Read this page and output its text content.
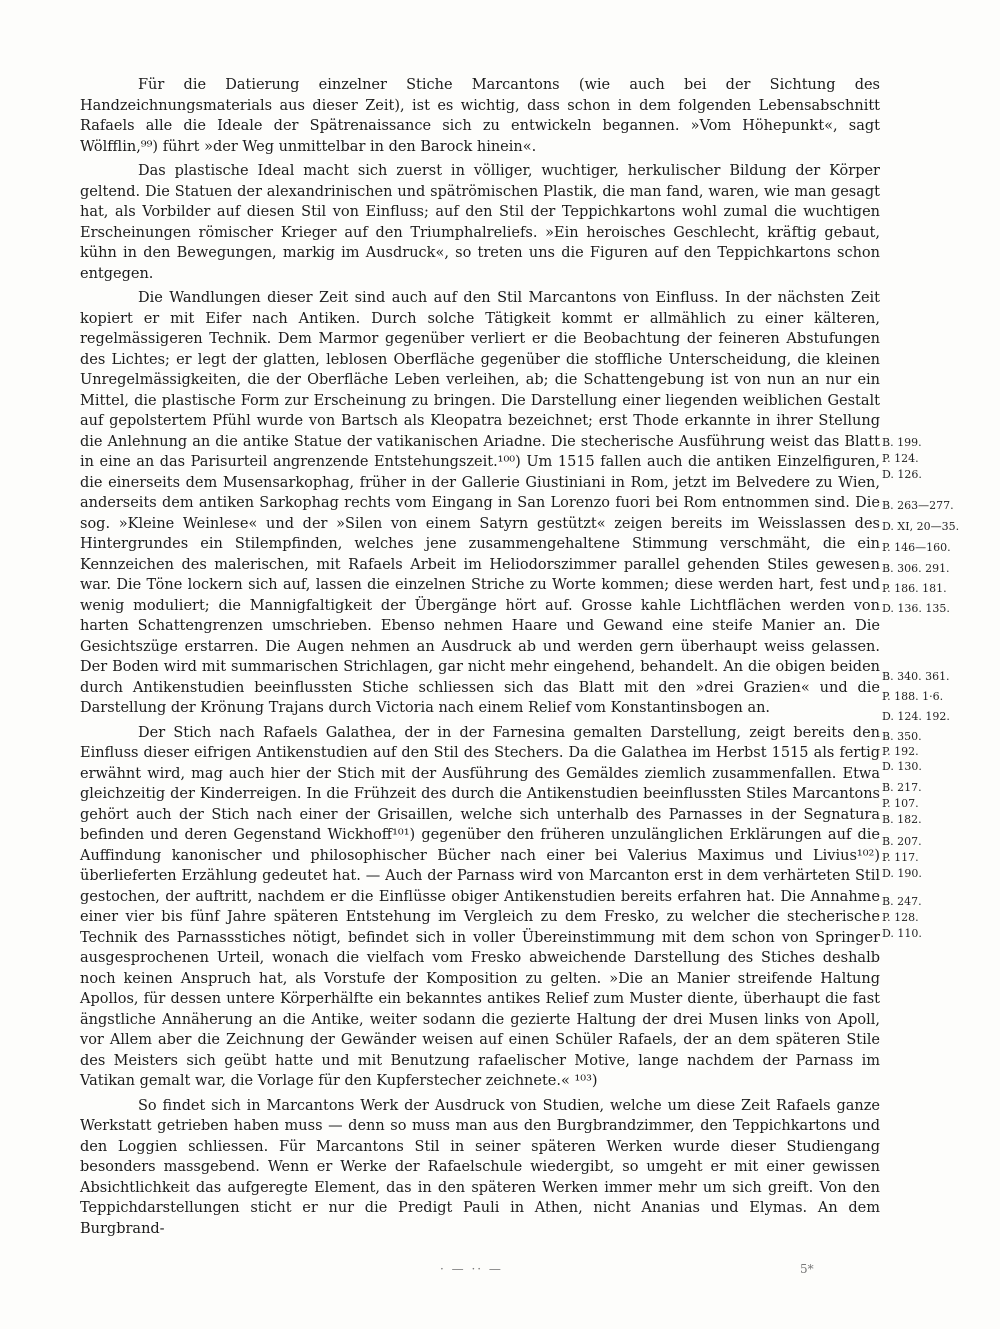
Für die Datierung einzelner Stiche Marcantons (wie auch bei der Sichtung des Handzeichnungsmaterials aus dieser Zeit), ist es wichtig, dass schon in dem folgenden Lebensabschnitt Rafaels alle die Ideale der Spätrenaissance sich zu entwickeln begannen. »Vom Höhepunkt«, sagt Wölfflin,⁹⁹) führt »der Weg unmittelbar in den Barock hinein«.

Das plastische Ideal macht sich zuerst in völliger, wuchtiger, herkulischer Bildung der Körper geltend. Die Statuen der alexandrinischen und spätrömischen Plastik, die man fand, waren, wie man gesagt hat, als Vorbilder auf diesen Stil von Einfluss; auf den Stil der Teppichkartons wohl zumal die wuchtigen Erscheinungen römischer Krieger auf den Triumphalreliefs. »Ein heroisches Geschlecht, kräftig gebaut, kühn in den Bewegungen, markig im Ausdruck«, so treten uns die Figuren auf den Teppichkartons schon entgegen.

Die Wandlungen dieser Zeit sind auch auf den Stil Marcantons von Einfluss. In der nächsten Zeit kopiert er mit Eifer nach Antiken. Durch solche Tätigkeit kommt er allmählich zu einer kälteren, regelmässigeren Technik. Dem Marmor gegenüber verliert er die Beobachtung der feineren Abstufungen des Lichtes; er legt der glatten, leblosen Oberfläche gegenüber die stoffliche Unterscheidung, die kleinen Unregelmässigkeiten, die der Oberfläche Leben verleihen, ab; die Schattengebung ist von nun an nur ein Mittel, die plastische Form zur Erscheinung zu bringen. Die Darstellung einer liegenden weiblichen Gestalt auf gepolstertem Pfühl wurde von Bartsch als Kleopatra bezeichnet; erst Thode erkannte in ihrer Stellung die Anlehnung an die antike Statue der vatikanischen Ariadne. Die stecherische Ausführung weist das Blatt in eine an das Parisurteil angrenzende Entstehungszeit.¹⁰⁰) Um 1515 fallen auch die antiken Einzelfiguren, die einerseits dem Musensarkophag, früher in der Gallerie Giustiniani in Rom, jetzt im Belvedere zu Wien, anderseits dem antiken Sarkophag rechts vom Eingang in San Lorenzo fuori bei Rom entnommen sind. Die sog. »Kleine Weinlese« und der »Silen von einem Satyrn gestützt« zeigen bereits im Weisslassen des Hintergrundes ein Stilempfinden, welches jene zusammengehaltene Stimmung verschmäht, die ein Kennzeichen des malerischen, mit Rafaels Arbeit im Heliodorszimmer parallel gehenden Stiles gewesen war. Die Töne lockern sich auf, lassen die einzelnen Striche zu Worte kommen; diese werden hart, fest und wenig moduliert; die Mannigfaltigkeit der Übergänge hört auf. Grosse kahle Lichtflächen werden von harten Schattengrenzen umschrieben. Ebenso nehmen Haare und Gewand eine steife Manier an. Die Gesichtszüge erstarren. Die Augen nehmen an Ausdruck ab und werden gern überhaupt weiss gelassen. Der Boden wird mit summarischen Strichlagen, gar nicht mehr eingehend, behandelt. An die obigen beiden durch Antikenstudien beeinflussten Stiche schliessen sich das Blatt mit den »drei Grazien« und die Darstellung der Krönung Trajans durch Victoria nach einem Relief vom Konstantinsbogen an.

Der Stich nach Rafaels Galathea, der in der Farnesina gemalten Darstellung, zeigt bereits den Einfluss dieser eifrigen Antikenstudien auf den Stil des Stechers. Da die Galathea im Herbst 1515 als fertig erwähnt wird, mag auch hier der Stich mit der Ausführung des Gemäldes ziemlich zusammenfallen. Etwa gleichzeitig der Kinderreigen. In die Frühzeit des durch die Antikenstudien beeinflussten Stiles Marcantons gehört auch der Stich nach einer der Grisaillen, welche sich unterhalb des Parnasses in der Segnatura befinden und deren Gegenstand Wickhoff¹⁰¹) gegenüber den früheren unzulänglichen Erklärungen auf die Auffindung kanonischer und philosophischer Bücher nach einer bei Valerius Maximus und Livius¹⁰²) überlieferten Erzählung gedeutet hat. — Auch der Parnass wird von Marcanton erst in dem verhärteten Stil gestochen, der auftritt, nachdem er die Einflüsse obiger Antikenstudien bereits erfahren hat. Die Annahme einer vier bis fünf Jahre späteren Entstehung im Vergleich zu dem Fresko, zu welcher die stecherische Technik des Parnassstiches nötigt, befindet sich in voller Übereinstimmung mit dem schon von Springer ausgesprochenen Urteil, wonach die vielfach vom Fresko abweichende Darstellung des Stiches deshalb noch keinen Anspruch hat, als Vorstufe der Komposition zu gelten. »Die an Manier streifende Haltung Apollos, für dessen untere Körperhälfte ein bekanntes antikes Relief zum Muster diente, überhaupt die fast ängstliche Annäherung an die Antike, weiter sodann die gezierte Haltung der drei Musen links von Apoll, vor Allem aber die Zeichnung der Gewänder weisen auf einen Schüler Rafaels, der an dem späteren Stile des Meisters sich geübt hatte und mit Benutzung rafaelischer Motive, lange nachdem der Parnass im Vatikan gemalt war, die Vorlage für den Kupferstecher zeichnete.« ¹⁰³)

So findet sich in Marcantons Werk der Ausdruck von Studien, welche um diese Zeit Rafaels ganze Werkstatt getrieben haben muss — denn so muss man aus den Burgbrandzimmer, den Teppichkartons und den Loggien schliessen. Für Marcantons Stil in seiner späteren Werken wurde dieser Studiengang besonders massgebend. Wenn er Werke der Rafaelschule wiedergibt, so umgeht er mit einer gewissen Absichtlichkeit das aufgeregte Element, das in den späteren Werken immer mehr um sich greift. Von den Teppichdarstellungen sticht er nur die Predigt Pauli in Athen, nicht Ananias und Elymas. An dem Burgbrand-

B. 199.
P. 124.
D. 126.
B. 263—277.
D. XI, 20—35.
P. 146—160.
B. 306. 291.
P. 186. 181.
D. 136. 135.
B. 340. 361.
P. 188. 1·6.
D. 124. 192.
B. 350.
P. 192.
D. 130.
B. 217.
P. 107.
B. 182.
B. 207.
P. 117.
D. 190.
B. 247.
P. 128.
D. 110.
· — ·· —	5*
